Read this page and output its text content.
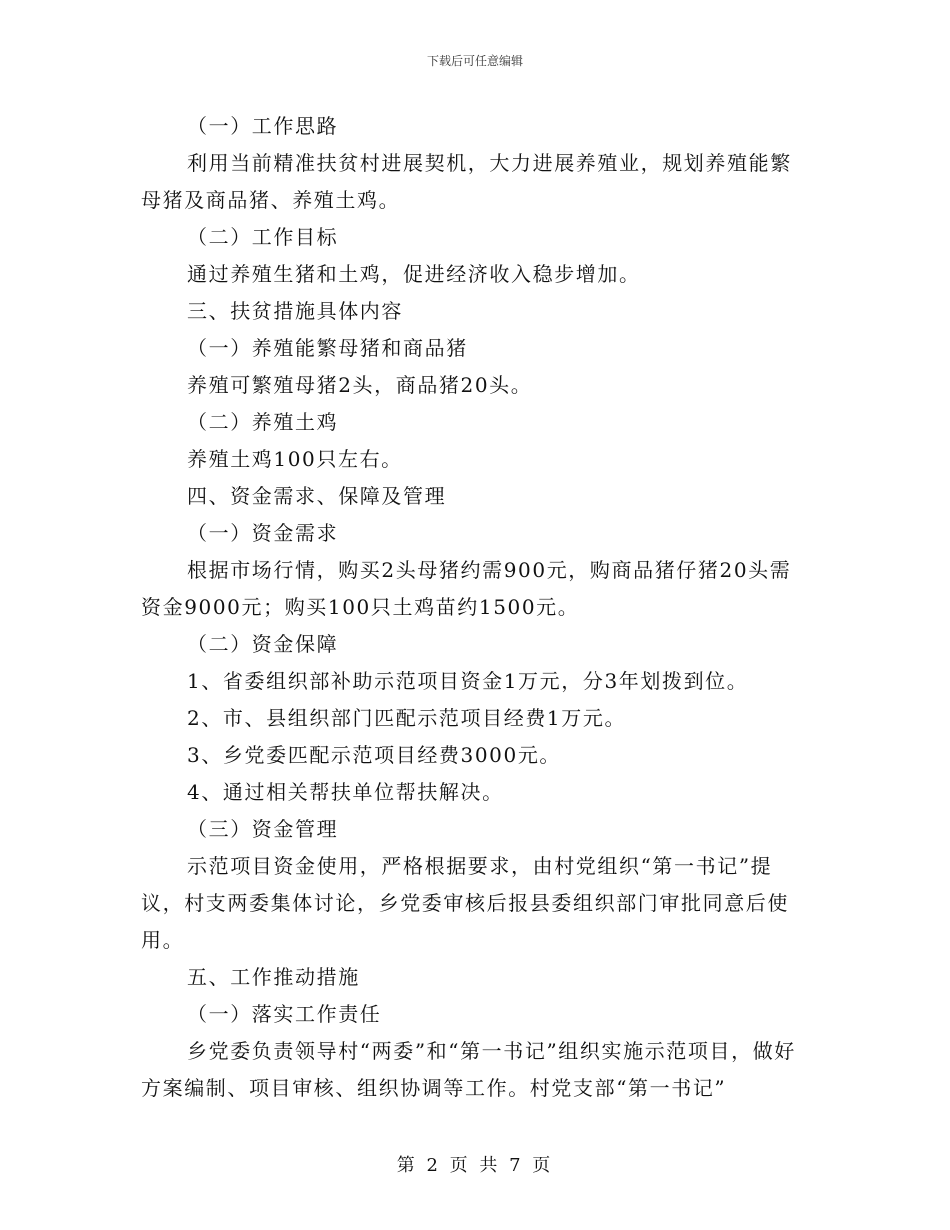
下载后可任意编辑

（一）工作思路

利用当前精准扶贫村进展契机，大力进展养殖业，规划养殖能繁母猪及商品猪、养殖土鸡。

（二）工作目标

通过养殖生猪和土鸡，促进经济收入稳步增加。

三、扶贫措施具体内容

（一）养殖能繁母猪和商品猪

养殖可繁殖母猪2头，商品猪20头。

（二）养殖土鸡

养殖土鸡100只左右。

四、资金需求、保障及管理

（一）资金需求

根据市场行情，购买2头母猪约需900元，购商品猪仔猪20头需资金9000元；购买100只土鸡苗约1500元。

（二）资金保障

1、省委组织部补助示范项目资金1万元，分3年划拨到位。

2、市、县组织部门匹配示范项目经费1万元。

3、乡党委匹配示范项目经费3000元。

4、通过相关帮扶单位帮扶解决。

（三）资金管理

示范项目资金使用，严格根据要求，由村党组织“第一书记”提议，村支两委集体讨论，乡党委审核后报县委组织部门审批同意后使用。

五、工作推动措施

（一）落实工作责任

乡党委负责领导村“两委”和“第一书记”组织实施示范项目，做好方案编制、项目审核、组织协调等工作。村党支部“第一书记”

第 2 页 共 7 页
